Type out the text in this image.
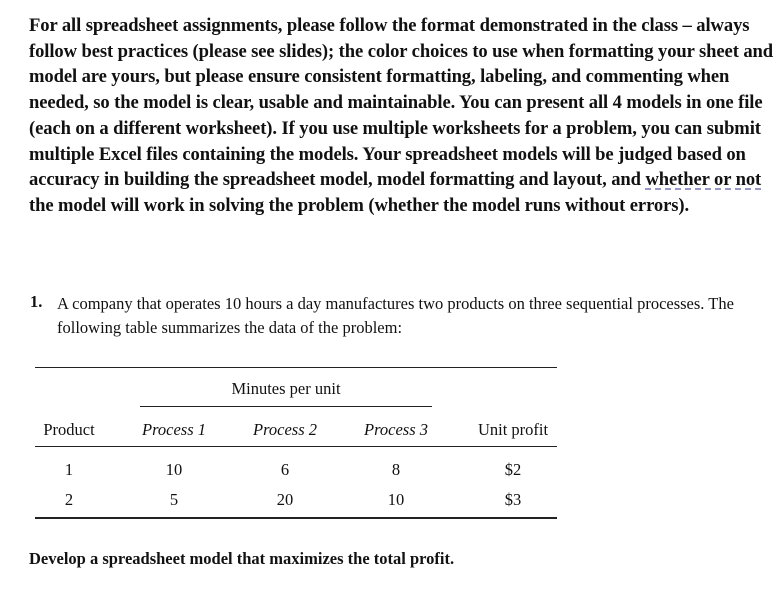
For all spreadsheet assignments, please follow the format demonstrated in the class – always follow best practices (please see slides); the color choices to use when formatting your sheet and model are yours, but please ensure consistent formatting, labeling, and commenting when needed, so the model is clear, usable and maintainable. You can present all 4 models in one file (each on a different worksheet). If you use multiple worksheets for a problem, you can submit multiple Excel files containing the models. Your spreadsheet models will be judged based on accuracy in building the spreadsheet model, model formatting and layout, and whether or not the model will work in solving the problem (whether the model runs without errors).
1. A company that operates 10 hours a day manufactures two products on three sequential processes. The following table summarizes the data of the problem:
Minutes per unit
Product	Process 1	Process 2	Process 3	Unit profit
1	10	6	8	$2
2	5	20	10	$3
Develop a spreadsheet model that maximizes the total profit.
